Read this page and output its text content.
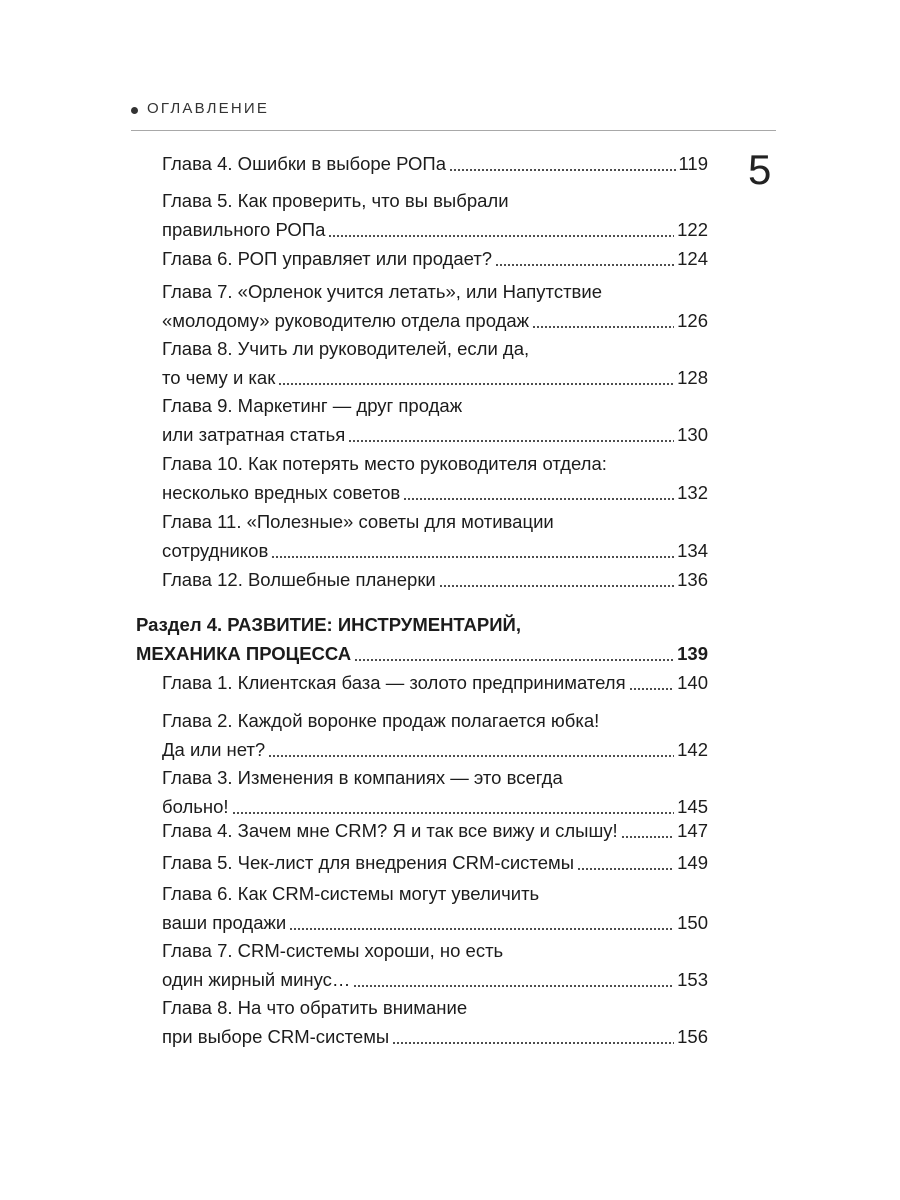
ОГЛАВЛЕНИЕ
5
Глава 4. Ошибки в выборе РОПа	119
Глава 5. Как проверить, что вы выбрали
правильного РОПа	122
Глава 6. РОП управляет или продает?	124
Глава 7. «Орленок учится летать», или Напутствие
«молодому» руководителю отдела продаж	126
Глава 8. Учить ли руководителей, если да,
то чему и как	128
Глава 9. Маркетинг — друг продаж
или затратная статья	130
Глава 10. Как потерять место руководителя отдела:
несколько вредных советов	132
Глава 11. «Полезные» советы для мотивации
сотрудников	134
Глава 12. Волшебные планерки	136
Раздел 4. РАЗВИТИЕ: ИНСТРУМЕНТАРИЙ,
МЕХАНИКА ПРОЦЕССА	139
Глава 1. Клиентская база — золото предпринимателя	140
Глава 2. Каждой воронке продаж полагается юбка!
Да или нет?	142
Глава 3. Изменения в компаниях — это всегда
больно!	145
Глава 4. Зачем мне CRM? Я и так все вижу и слышу!	147
Глава 5. Чек-лист для внедрения CRM-системы	149
Глава 6. Как CRM-системы могут увеличить
ваши продажи	150
Глава 7. CRM-системы хороши, но есть
один жирный минус…	153
Глава 8. На что обратить внимание
при выборе CRM-системы	156
